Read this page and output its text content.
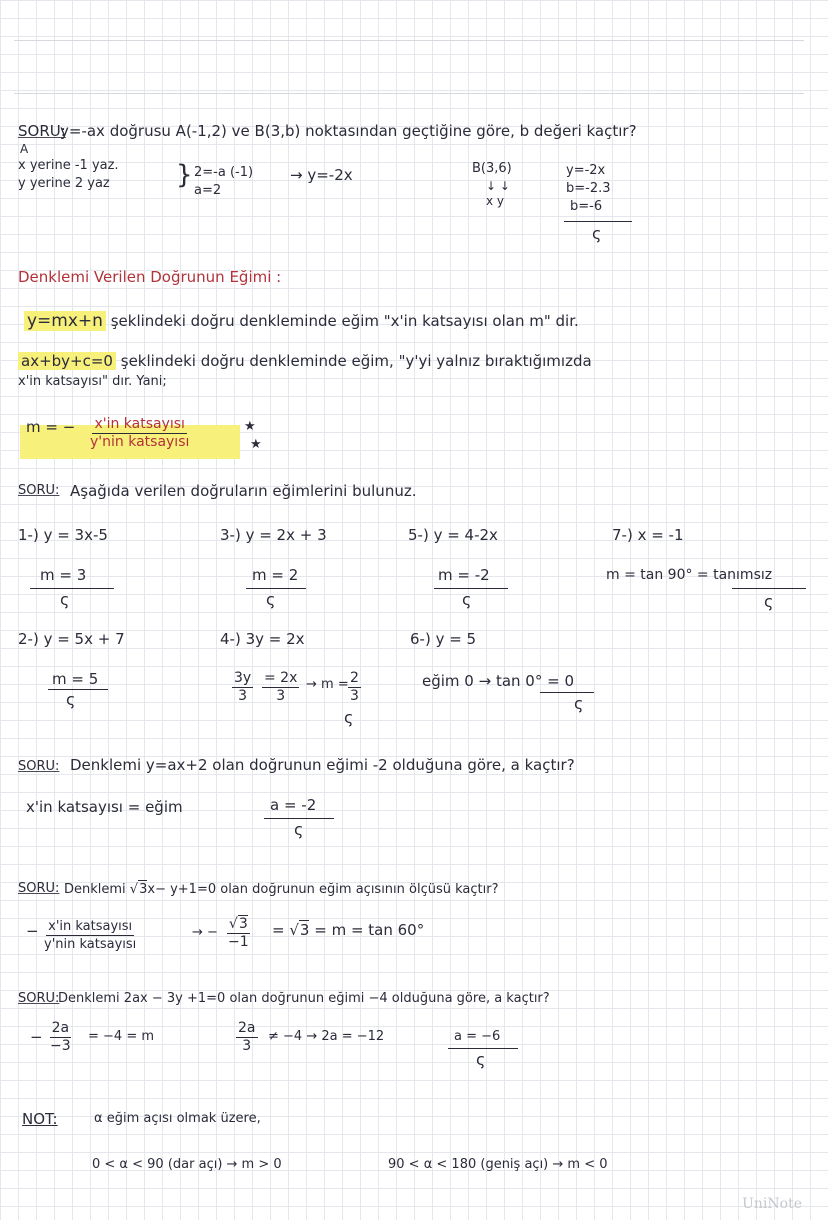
SORU:
y=-ax doğrusu A(-1,2) ve B(3,b) noktasından geçtiğine göre, b değeri kaçtır?
A
x yerine -1 yaz.
y yerine 2 yaz	} 2=-a (-1)
a=2
→ y=-2x	B(3,6)
↓ ↓
x y
y=-2x
b=-2.3
b=-6
ς
Denklemi Verilen Doğrunun Eğimi :
y=mx+n şeklindeki doğru denkleminde eğim "x'in katsayısı olan m" dir.
ax+by+c=0 şeklindeki doğru denkleminde eğim, "y'yi yalnız bıraktığımızda
x'in katsayısı" dır. Yani;
m = − x'in katsayısı
y'nin katsayısı
★
★
SORU: Aşağıda verilen doğruların eğimlerini bulunuz.
1-) y = 3x-5
m = 3
ς
2-) y = 5x + 7
m = 5
ς
3-) y = 2x + 3
m = 2
ς
4-) 3y = 2x
$\frac{3y}{3} \frac{= 2x}{3} \to m = \frac{2}{3}$
ς
5-) y = 4-2x
m = -2
ς
6-) y = 5
eğim 0 → tan 0° = 0
ς
7-) x = -1
m = tan 90° = tanımsız
ς
SORU: Denklemi y=ax+2 olan doğrunun eğimi -2 olduğuna göre, a kaçtır?
x'in katsayısı = eğim	a = -2
ς
SORU: Denklemi √3x− y+1=0 olan doğrunun eğim açısının ölçüsü kaçtır?
− x'in katsayısı
y'nin katsayısı
→ − $\frac{√3}{-1} = √3 = m = \tan 60^\circ$
SORU:
Denklemi 2ax − 3y +1=0 olan doğrunun eğimi −4 olduğuna göre, a kaçtır?
− $\frac{2a}{-3} = -4 = m$	$\frac{2a}{3} \ne -4 \to 2a = -12$	a = −6
ς
NOT:	α eğim açısı olmak üzere,
0 < α < 90 (dar açı) → m > 0	90 < α < 180 (geniş açı) → m < 0
UniNote
